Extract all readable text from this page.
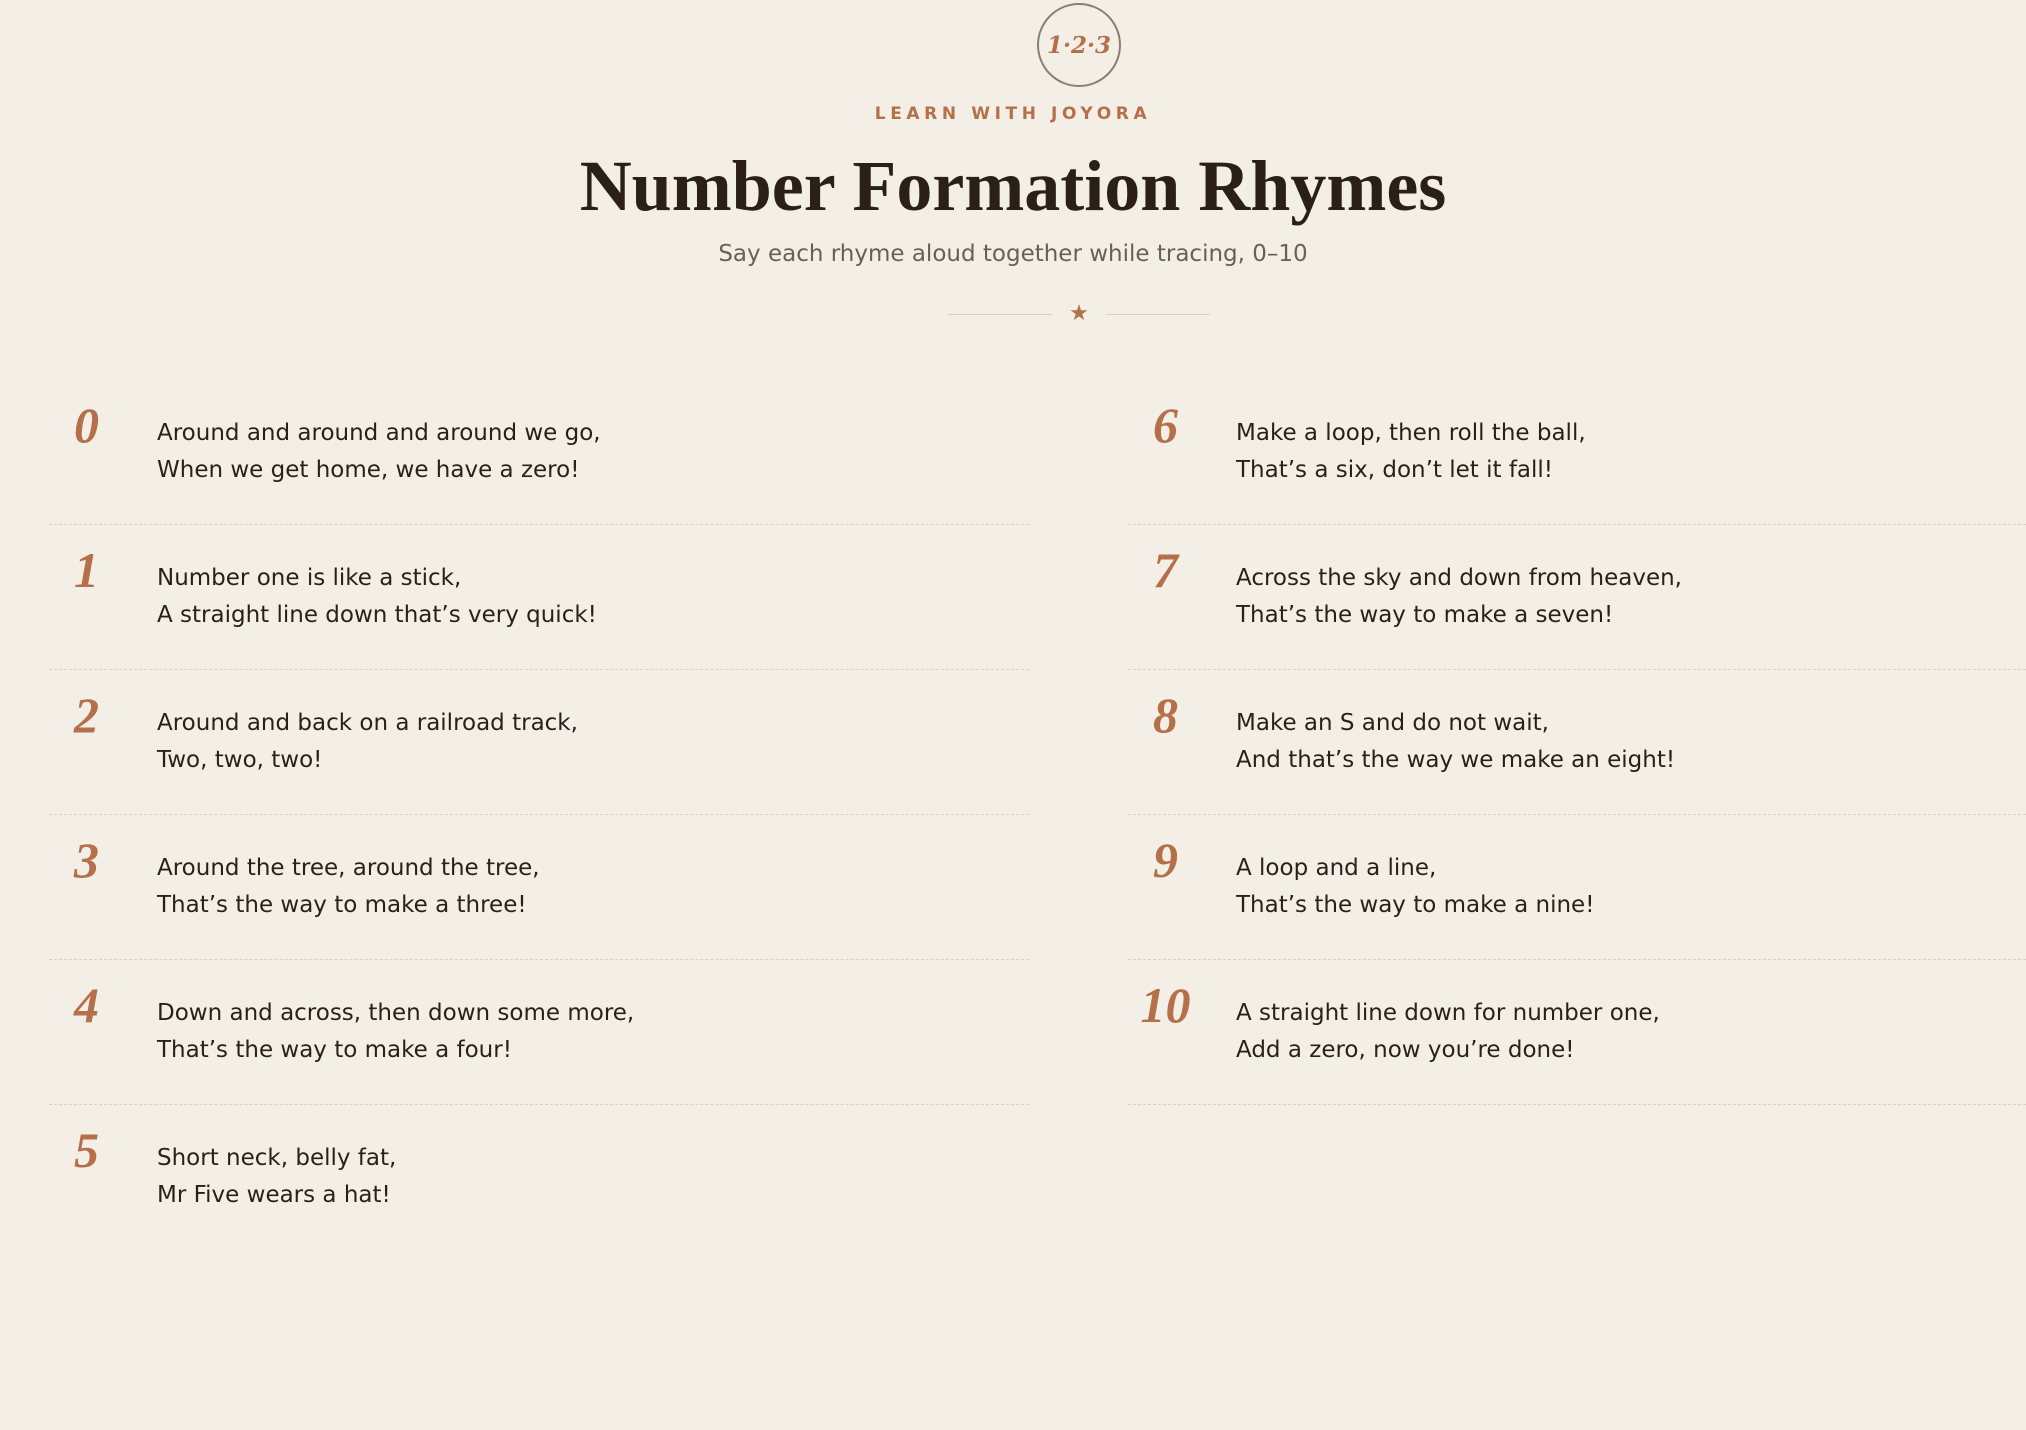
1·2·3
LEARN WITH JOYORA
Number Formation Rhymes
Say each rhyme aloud together while tracing, 0–10
★
0	Around and around and around we go,
When we get home, we have a zero!
1	Number one is like a stick,
A straight line down that’s very quick!
2	Around and back on a railroad track,
Two, two, two!
3	Around the tree, around the tree,
That’s the way to make a three!
4	Down and across, then down some more,
That’s the way to make a four!
5	Short neck, belly fat,
Mr Five wears a hat!
6	Make a loop, then roll the ball,
That’s a six, don’t let it fall!
7	Across the sky and down from heaven,
That’s the way to make a seven!
8	Make an S and do not wait,
And that’s the way we make an eight!
9	A loop and a line,
That’s the way to make a nine!
10	A straight line down for number one,
Add a zero, now you’re done!
